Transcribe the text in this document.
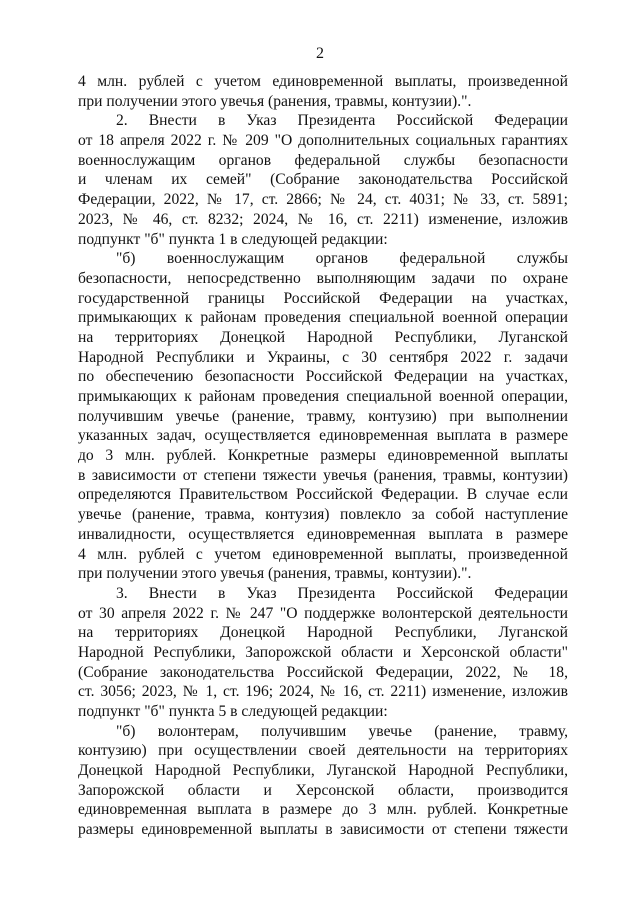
2
4 млн. рублей с учетом единовременной выплаты, произведенной
при получении этого увечья (ранения, травмы, контузии).".
2. Внести в Указ Президента Российской Федерации
от 18 апреля 2022 г. № 209 "О дополнительных социальных гарантиях
военнослужащим органов федеральной службы безопасности
и членам их семей" (Собрание законодательства Российской
Федерации, 2022, № 17, ст. 2866; № 24, ст. 4031; № 33, ст. 5891;
2023, № 46, ст. 8232; 2024, № 16, ст. 2211) изменение, изложив
подпункт "б" пункта 1 в следующей редакции:
"б) военнослужащим органов федеральной службы
безопасности, непосредственно выполняющим задачи по охране
государственной границы Российской Федерации на участках,
примыкающих к районам проведения специальной военной операции
на территориях Донецкой Народной Республики, Луганской
Народной Республики и Украины, с 30 сентября 2022 г. задачи
по обеспечению безопасности Российской Федерации на участках,
примыкающих к районам проведения специальной военной операции,
получившим увечье (ранение, травму, контузию) при выполнении
указанных задач, осуществляется единовременная выплата в размере
до 3 млн. рублей. Конкретные размеры единовременной выплаты
в зависимости от степени тяжести увечья (ранения, травмы, контузии)
определяются Правительством Российской Федерации. В случае если
увечье (ранение, травма, контузия) повлекло за собой наступление
инвалидности, осуществляется единовременная выплата в размере
4 млн. рублей с учетом единовременной выплаты, произведенной
при получении этого увечья (ранения, травмы, контузии).".
3. Внести в Указ Президента Российской Федерации
от 30 апреля 2022 г. № 247 "О поддержке волонтерской деятельности
на территориях Донецкой Народной Республики, Луганской
Народной Республики, Запорожской области и Херсонской области"
(Собрание законодательства Российской Федерации, 2022, № 18,
ст. 3056; 2023, № 1, ст. 196; 2024, № 16, ст. 2211) изменение, изложив
подпункт "б" пункта 5 в следующей редакции:
"б) волонтерам, получившим увечье (ранение, травму,
контузию) при осуществлении своей деятельности на территориях
Донецкой Народной Республики, Луганской Народной Республики,
Запорожской области и Херсонской области, производится
единовременная выплата в размере до 3 млн. рублей. Конкретные
размеры единовременной выплаты в зависимости от степени тяжести
